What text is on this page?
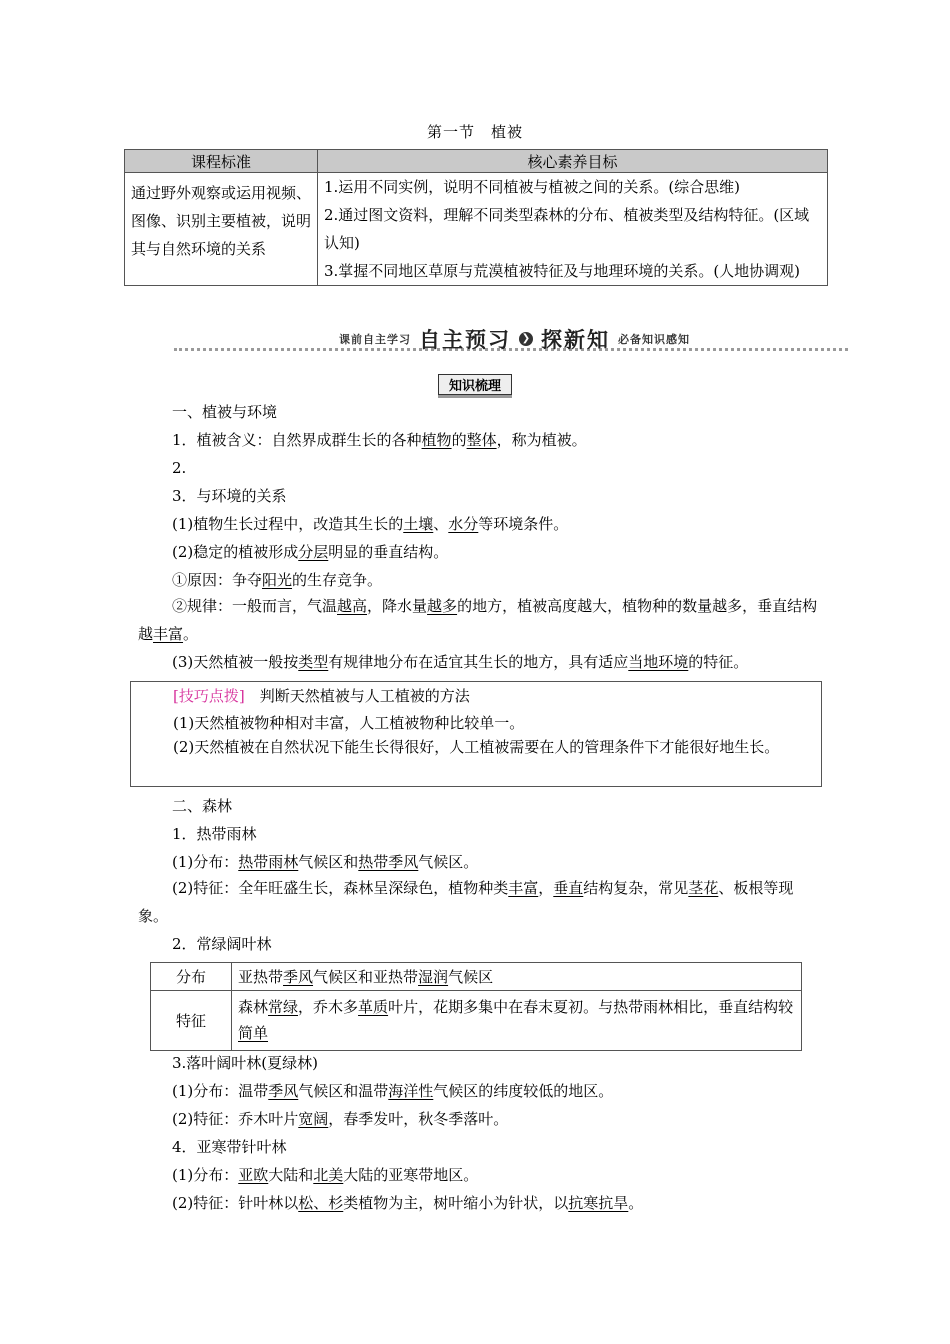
第一节　植被
课程标准	核心素养目标
通过野外观察或运用视频、图像、识别主要植被，说明其与自然环境的关系	1.运用不同实例，说明不同植被与植被之间的关系。(综合思维)
2.通过图文资料，理解不同类型森林的分布、植被类型及结构特征。(区域认知)
3.掌握不同地区草原与荒漠植被特征及与地理环境的关系。(人地协调观)
课前自主学习 自主预习 ❯ 探新知 必备知识感知
知识梳理
一、植被与环境
1．植被含义：自然界成群生长的各种植物的整体，称为植被。
2.
3．与环境的关系
(1)植物生长过程中，改造其生长的土壤、水分等环境条件。
(2)稳定的植被形成分层明显的垂直结构。
①原因：争夺阳光的生存竞争。
②规律：一般而言，气温越高，降水量越多的地方，植被高度越大，植物种的数量越多，垂直结构越丰富。
(3)天然植被一般按类型有规律地分布在适宜其生长的地方，具有适应当地环境的特征。
[技巧点拨]　判断天然植被与人工植被的方法
(1)天然植被物种相对丰富，人工植被物种比较单一。
(2)天然植被在自然状况下能生长得很好，人工植被需要在人的管理条件下才能很好地生长。
二、森林
1．热带雨林
(1)分布：热带雨林气候区和热带季风气候区。
(2)特征：全年旺盛生长，森林呈深绿色，植物种类丰富，垂直结构复杂，常见茎花、板根等现象。
2．常绿阔叶林
分布	亚热带季风气候区和亚热带湿润气候区
特征	森林常绿，乔木多革质叶片，花期多集中在春末夏初。与热带雨林相比，垂直结构较简单
3.落叶阔叶林(夏绿林)
(1)分布：温带季风气候区和温带海洋性气候区的纬度较低的地区。
(2)特征：乔木叶片宽阔，春季发叶，秋冬季落叶。
4．亚寒带针叶林
(1)分布：亚欧大陆和北美大陆的亚寒带地区。
(2)特征：针叶林以松、杉类植物为主，树叶缩小为针状，以抗寒抗旱。
